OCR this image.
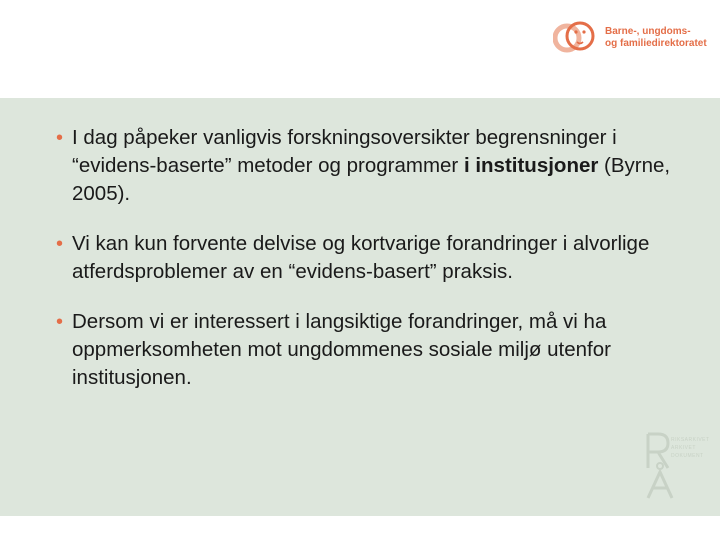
Barne-, ungdoms-
og familiedirektoratet
• I dag påpeker vanligvis forskningsoversikter begrensninger i “evidens-baserte” metoder og programmer i institusjoner (Byrne, 2005).
• Vi kan kun forvente delvise og kortvarige forandringer i alvorlige atferdsproblemer av en “evidens-basert” praksis.
• Dersom vi er interessert i langsiktige forandringer, må vi ha oppmerksomheten mot ungdommenes sosiale miljø utenfor institusjonen.
RIKSARKIVET
ARKIVET
DOKUMENT
